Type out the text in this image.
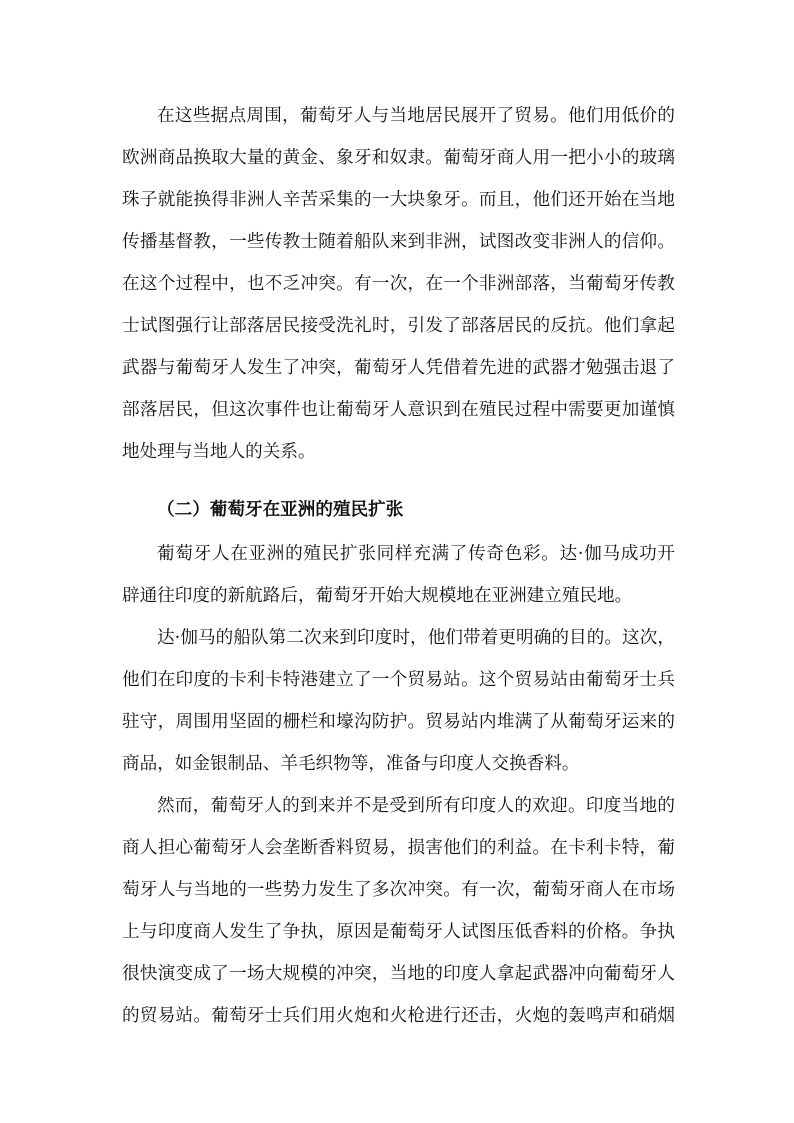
在这些据点周围，葡萄牙人与当地居民展开了贸易。他们用低价的
欧洲商品换取大量的黄金、象牙和奴隶。葡萄牙商人用一把小小的玻璃
珠子就能换得非洲人辛苦采集的一大块象牙。而且，他们还开始在当地
传播基督教，一些传教士随着船队来到非洲，试图改变非洲人的信仰。
在这个过程中，也不乏冲突。有一次，在一个非洲部落，当葡萄牙传教
士试图强行让部落居民接受洗礼时，引发了部落居民的反抗。他们拿起
武器与葡萄牙人发生了冲突，葡萄牙人凭借着先进的武器才勉强击退了
部落居民，但这次事件也让葡萄牙人意识到在殖民过程中需要更加谨慎
地处理与当地人的关系。
（二）葡萄牙在亚洲的殖民扩张
葡萄牙人在亚洲的殖民扩张同样充满了传奇色彩。达·伽马成功开
辟通往印度的新航路后，葡萄牙开始大规模地在亚洲建立殖民地。
达·伽马的船队第二次来到印度时，他们带着更明确的目的。这次，
他们在印度的卡利卡特港建立了一个贸易站。这个贸易站由葡萄牙士兵
驻守，周围用坚固的栅栏和壕沟防护。贸易站内堆满了从葡萄牙运来的
商品，如金银制品、羊毛织物等，准备与印度人交换香料。
然而，葡萄牙人的到来并不是受到所有印度人的欢迎。印度当地的
商人担心葡萄牙人会垄断香料贸易，损害他们的利益。在卡利卡特，葡
萄牙人与当地的一些势力发生了多次冲突。有一次，葡萄牙商人在市场
上与印度商人发生了争执，原因是葡萄牙人试图压低香料的价格。争执
很快演变成了一场大规模的冲突，当地的印度人拿起武器冲向葡萄牙人
的贸易站。葡萄牙士兵们用火炮和火枪进行还击，火炮的轰鸣声和硝烟
